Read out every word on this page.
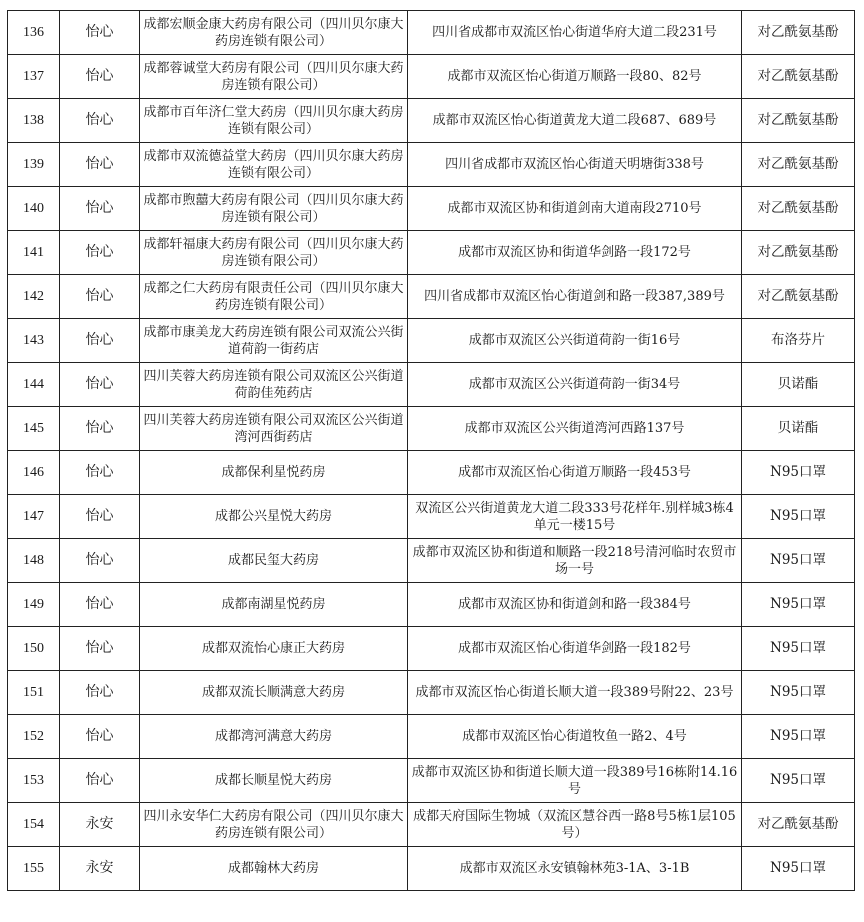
136	怡心	成都宏顺金康大药房有限公司（四川贝尔康大药房连锁有限公司）	四川省成都市双流区怡心街道华府大道二段231号	对乙酰氨基酚
137	怡心	成都蓉诚堂大药房有限公司（四川贝尔康大药房连锁有限公司）	成都市双流区怡心街道万顺路一段80、82号	对乙酰氨基酚
138	怡心	成都市百年济仁堂大药房（四川贝尔康大药房连锁有限公司）	成都市双流区怡心街道黄龙大道二段687、689号	对乙酰氨基酚
139	怡心	成都市双流德益堂大药房（四川贝尔康大药房连锁有限公司）	四川省成都市双流区怡心街道天明塘街338号	对乙酰氨基酚
140	怡心	成都市煦囍大药房有限公司（四川贝尔康大药房连锁有限公司）	成都市双流区协和街道剑南大道南段2710号	对乙酰氨基酚
141	怡心	成都轩福康大药房有限公司（四川贝尔康大药房连锁有限公司）	成都市双流区协和街道华剑路一段172号	对乙酰氨基酚
142	怡心	成都之仁大药房有限责任公司（四川贝尔康大药房连锁有限公司）	四川省成都市双流区怡心街道剑和路一段387,389号	对乙酰氨基酚
143	怡心	成都市康美龙大药房连锁有限公司双流公兴街道荷韵一街药店	成都市双流区公兴街道荷韵一街16号	布洛芬片
144	怡心	四川芙蓉大药房连锁有限公司双流区公兴街道荷韵佳苑药店	成都市双流区公兴街道荷韵一街34号	贝诺酯
145	怡心	四川芙蓉大药房连锁有限公司双流区公兴街道湾河西街药店	成都市双流区公兴街道湾河西路137号	贝诺酯
146	怡心	成都保利星悦药房	成都市双流区怡心街道万顺路一段453号	N95口罩
147	怡心	成都公兴星悦大药房	双流区公兴街道黄龙大道二段333号花样年.别样城3栋4单元一楼15号	N95口罩
148	怡心	成都民玺大药房	成都市双流区协和街道和顺路一段218号清河临时农贸市场一号	N95口罩
149	怡心	成都南湖星悦药房	成都市双流区协和街道剑和路一段384号	N95口罩
150	怡心	成都双流怡心康正大药房	成都市双流区怡心街道华剑路一段182号	N95口罩
151	怡心	成都双流长顺满意大药房	成都市双流区怡心街道长顺大道一段389号附22、23号	N95口罩
152	怡心	成都湾河满意大药房	成都市双流区怡心街道牧鱼一路2、4号	N95口罩
153	怡心	成都长顺星悦大药房	成都市双流区协和街道长顺大道一段389号16栋附14.16号	N95口罩
154	永安	四川永安华仁大药房有限公司（四川贝尔康大药房连锁有限公司）	成都天府国际生物城（双流区慧谷西一路8号5栋1层105号）	对乙酰氨基酚
155	永安	成都翰林大药房	成都市双流区永安镇翰林苑3-1A、3-1B	N95口罩
